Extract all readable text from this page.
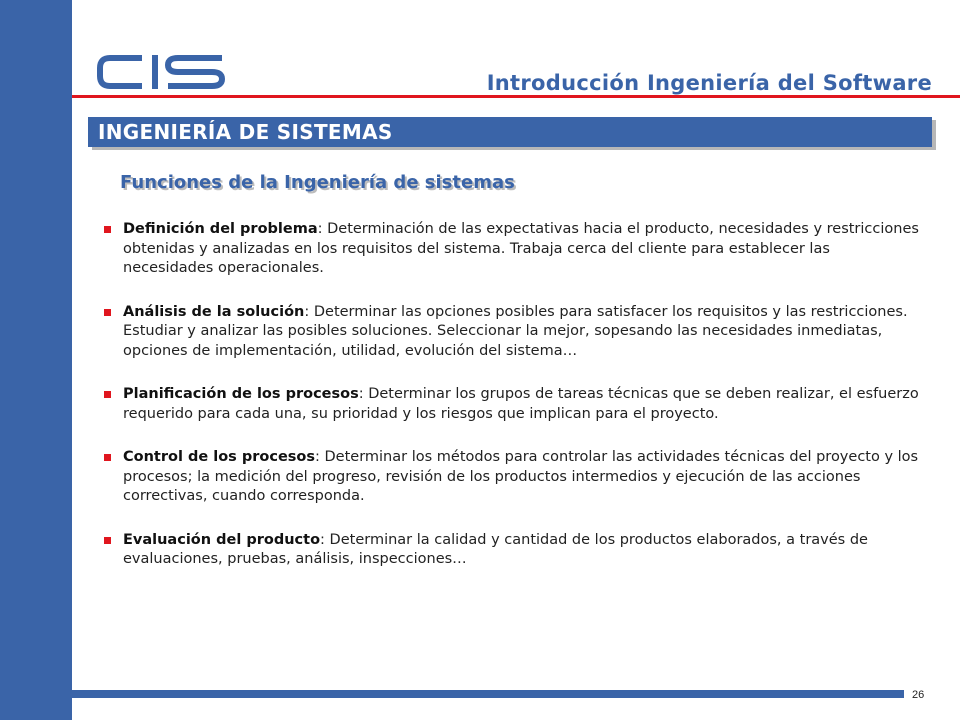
Introducción Ingeniería del Software
INGENIERÍA DE SISTEMAS
Funciones de la Ingeniería de sistemas
Definición del problema: Determinación de las expectativas hacia el producto, necesidades y restricciones obtenidas y analizadas en los requisitos del sistema. Trabaja cerca del cliente para establecer las necesidades operacionales.
Análisis de la solución: Determinar las opciones posibles para satisfacer los requisitos y las restricciones. Estudiar y analizar las posibles soluciones. Seleccionar la mejor, sopesando las necesidades inmediatas, opciones de implementación, utilidad, evolución del sistema…
Planificación de los procesos: Determinar los grupos de tareas técnicas que se deben realizar, el esfuerzo requerido para cada una, su prioridad y los riesgos que implican para el proyecto.
Control de los procesos: Determinar los métodos para controlar las actividades técnicas del proyecto y los procesos; la medición del progreso, revisión de los productos intermedios y ejecución de las acciones correctivas, cuando corresponda.
Evaluación del producto: Determinar la calidad y cantidad de los productos elaborados, a través de evaluaciones, pruebas, análisis, inspecciones…

26
